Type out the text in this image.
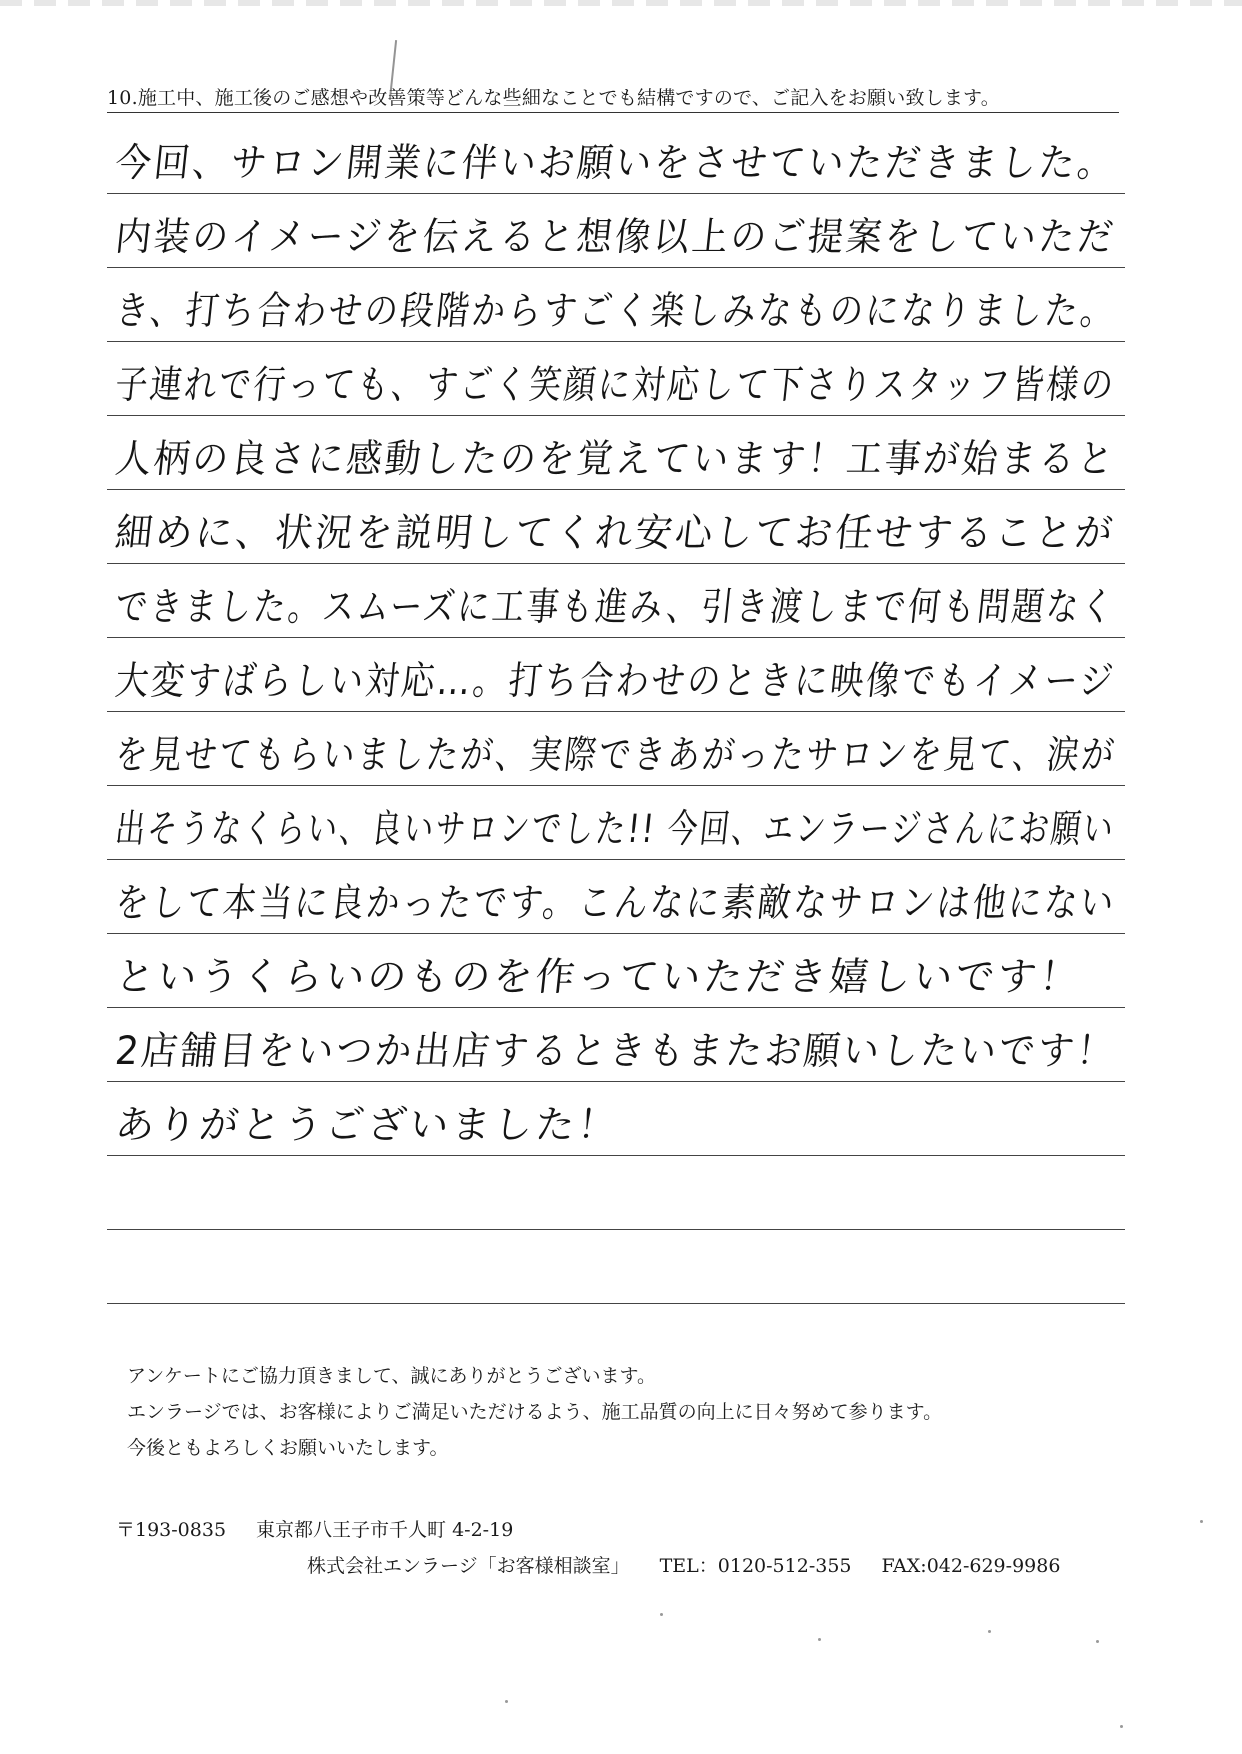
10.施工中、施工後のご感想や改善策等どんな些細なことでも結構ですので、ご記入をお願い致します。
今回、サロン開業に伴いお願いをさせていただきました。
内装のイメージを伝えると想像以上のご提案をしていただ
き、打ち合わせの段階からすごく楽しみなものになりました。
子連れで行っても、すごく笑顔に対応して下さりスタッフ皆様の
人柄の良さに感動したのを覚えています！工事が始まると
細めに、状況を説明してくれ安心してお任せすることが
できました。スムーズに工事も進み、引き渡しまで何も問題なく
大変すばらしい対応…。打ち合わせのときに映像でもイメージ
を見せてもらいましたが、実際できあがったサロンを見て、涙が
出そうなくらい、良いサロンでした!! 今回、エンラージさんにお願い
をして本当に良かったです。こんなに素敵なサロンは他にない
というくらいのものを作っていただき嬉しいです！
2店舗目をいつか出店するときもまたお願いしたいです！
ありがとうございました！
アンケートにご協力頂きまして、誠にありがとうございます。
エンラージでは、お客様によりご満足いただけるよう、施工品質の向上に日々努めて参ります。
今後ともよろしくお願いいたします。
〒193-0835 東京都八王子市千人町 4-2-19
株式会社エンラージ「お客様相談室」 TEL：0120-512-355 FAX:042-629-9986
